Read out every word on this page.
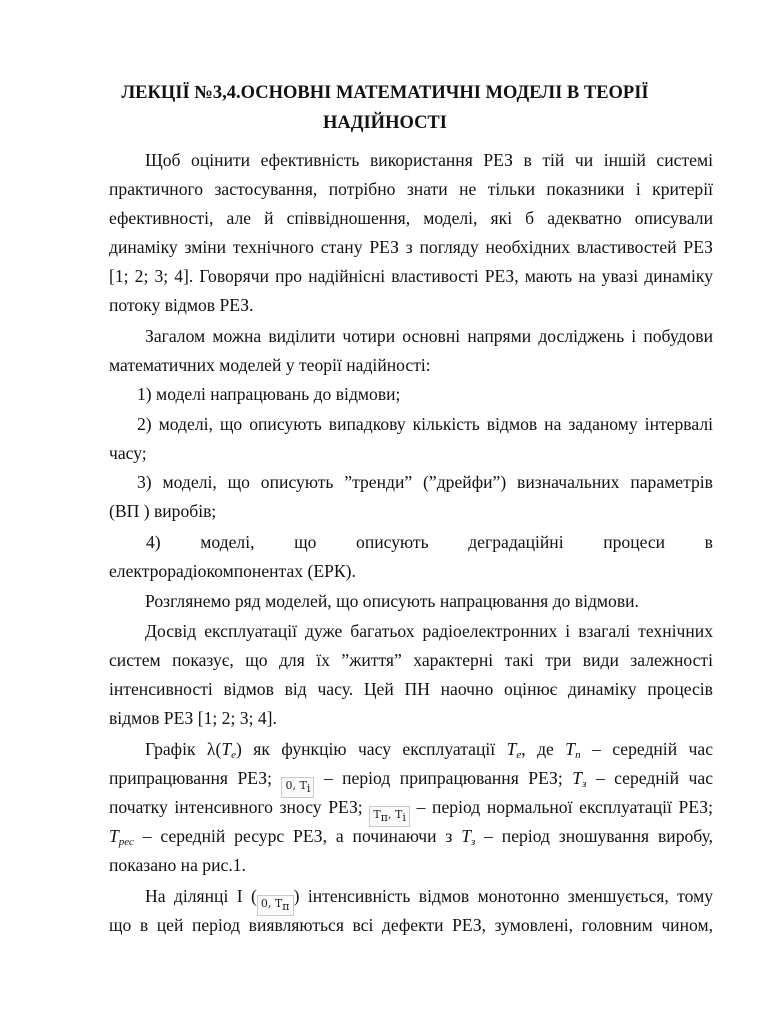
ЛЕКЦІЇ №3,4.ОСНОВНІ МАТЕМАТИЧНІ МОДЕЛІ В ТЕОРІЇ
НАДІЙНОСТІ
Щоб оцінити ефективність використання РЕЗ в тій чи іншій системі
практичного застосування, потрібно знати не тільки показники і критерії
ефективності, але й співвідношення, моделі, які б адекватно описували
динаміку зміни технічного стану РЕЗ з погляду необхідних властивостей РЕЗ
[1; 2; 3; 4]. Говорячи про надійнісні властивості РЕЗ, мають на увазі динаміку
потоку відмов РЕЗ.
Загалом можна виділити чотири основні напрями досліджень і побудови
математичних моделей у теорії надійності:
1) моделі напрацювань до відмови;
2) моделі, що описують випадкову кількість відмов на заданому інтервалі
часу;
3) моделі, що описують ”тренди” (”дрейфи”) визначальних параметрів
(ВП ) виробів;
4) моделі, що описують деградаційні процеси в
електрорадіокомпонентах (ЕРК).
Розглянемо ряд моделей, що описують напрацювання до відмови.
Досвід експлуатації дуже багатьох радіоелектронних і взагалі технічних
систем показує, що для їх ”життя” характерні такі три види залежності
інтенсивності відмов від часу. Цей ПН наочно оцінює динаміку процесів
відмов РЕЗ [1; 2; 3; 4].
Графік $\lambda(T_е)$ як функцію часу експлуатації $T_е$, де $T_п$ – середній час
припрацювання РЕЗ; 0, Tі – період припрацювання РЕЗ; $T_з$ – середній час
початку інтенсивного зносу РЕЗ; Tп, Tі – період нормальної експлуатації РЕЗ;
$T_{рес}$ – середній ресурс РЕЗ, а починаючи з $T_з$ – період зношування виробу,
показано на рис.1.
На ділянці І ( 0, Tп) інтенсивність відмов монотонно зменшується, тому
що в цей період виявляються всі дефекти РЕЗ, зумовлені, головним чином,
